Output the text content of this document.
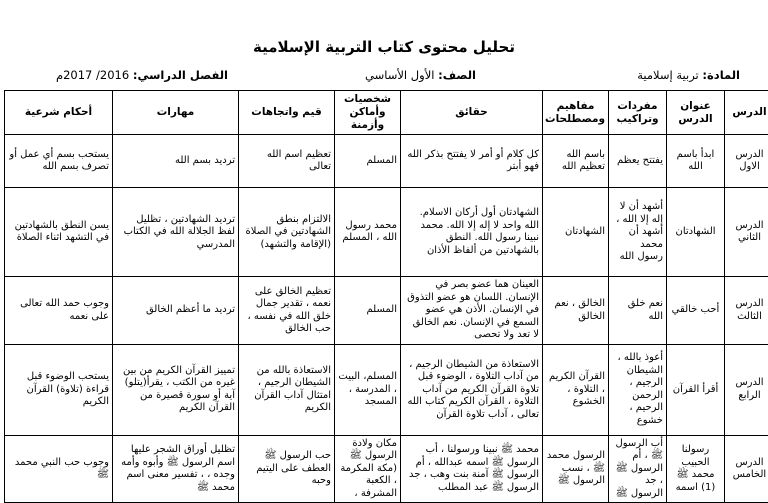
تحليل محتوى كتاب التربية الإسلامية
المادة: تربية إسلامية
الصف: الأول الأساسي
الفصل الدراسي: 2016/ 2017م
الدرس	عنوان الدرس	مفردات وتراكيب	مفاهيم ومصطلحات	حقائق	شخصيات وأماكن وأزمنة	قيم واتجاهات	مهارات	أحكام شرعية
الدرس الاول	ابدأ باسم الله	يفتتح يعظم	باسم الله تعظيم الله	كل كلام أو أمر لا يفتتح بذكر الله فهو أبتر	المسلم	تعظيم اسم الله تعالى	ترديد بسم الله	يستحب بسم أي عمل أو تصرف بسم الله
الدرس الثاني	الشهادتان	أشهد أن لا إله إلا الله ، أشهد أن محمد رسول الله	الشهادتان	الشهادتان أول أركان الاسلام. الله واحد لا إله إلا الله. محمد نبينا رسول الله. النطق بالشهادتين من ألفاظ الأذان	محمد رسول الله ، المسلم	الالتزام بنطق الشهادتين في الصلاة (الإقامة والتشهد)	ترديد الشهادتين ، تظليل لفظ الجلالة الله في الكتاب المدرسي	يسن النطق بالشهادتين في التشهد اثناء الصلاة
الدرس الثالث	أحب خالقي	نعم خلق الله	الخالق ، نعم الخالق	العينان هما عضو بصر في الإنسان. اللسان هو عضو التذوق في الإنسان. الأذن هي عضو السمع في الإنسان. نعم الخالق لا تعد ولا تحصى	المسلم	تعظيم الخالق على نعمه ، تقدير جمال خلق الله في نفسه ، حب الخالق	ترديد ما أعظم الخالق	وجوب حمد الله تعالى على نعمه
الدرس الرابع	أقرأ القرآن	أعوذ بالله ، الشيطان الرجيم ، الرحمن الرحيم ، خشوع	القرآن الكريم ، التلاوة ، الخشوع	الاستعاذة من الشيطان الرجيم ، من آداب التلاوة ، الوضوء قبل تلاوة القرآن الكريم من آداب التلاوة ، القرآن الكريم كتاب الله تعالى ، آداب تلاوة القرآن	المسلم، البيت ، المدرسة ، المسجد	الاستعاذة بالله من الشيطان الرجيم ، امتثال آداب القرآن الكريم	تمييز القرآن الكريم من بين غيره من الكتب ، يقرأ(يتلو) آية أو سورة قصيرة من القرآن الكريم	يستحب الوضوء قبل قراءة (تلاوة) القرآن الكريم
الدرس الخامس	رسولنا الحبيب محمد ﷺ (1) اسمه	أب الرسول ﷺ ، أم الرسول ﷺ ، جد الرسول ﷺ	الرسول محمد ﷺ ، نسب الرسول ﷺ	محمد ﷺ نبينا ورسولنا ، أب الرسول ﷺ اسمه عبدالله ، أم الرسول ﷺ آمنة بنت وهب ، جد الرسول ﷺ عبد المطلب	مكان ولادة الرسول ﷺ (مكة المكرمة ، الكعبة المشرفة ،	حب الرسول ﷺ العطف على اليتيم وحبه	تظليل أوراق الشجر عليها اسم الرسول ﷺ وأبوه وأمه وجده ، ، تفسير معنى اسم محمد ﷺ	وجوب حب النبي محمد ﷺ
